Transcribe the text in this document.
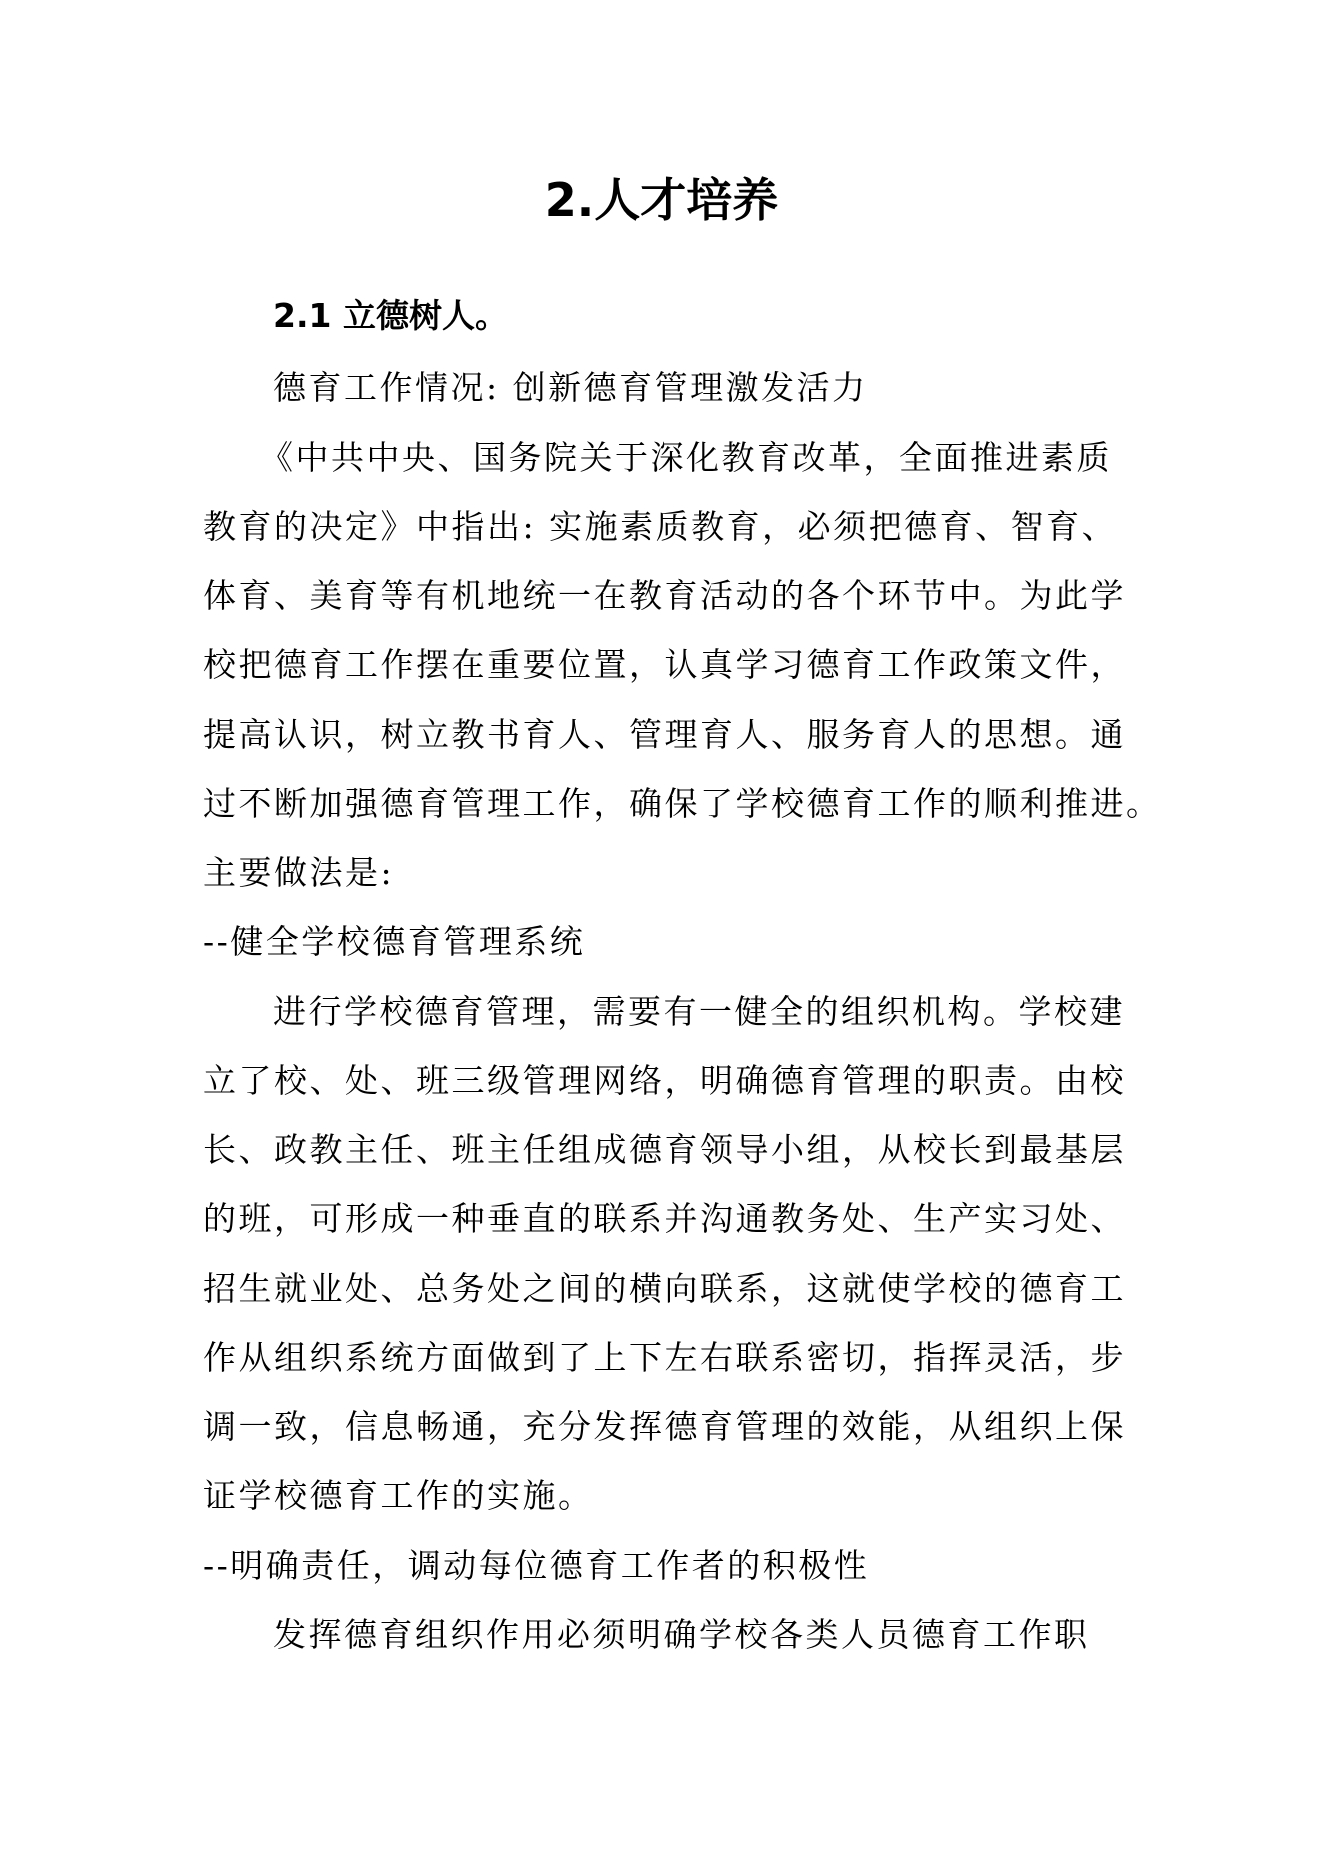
2.人才培养
2.1 立德树人。
德育工作情况: 创新德育管理激发活力
《中共中央、国务院关于深化教育改革，全面推进素质
教育的决定》中指出: 实施素质教育，必须把德育、智育、
体育、美育等有机地统一在教育活动的各个环节中。为此学
校把德育工作摆在重要位置，认真学习德育工作政策文件，
提高认识，树立教书育人、管理育人、服务育人的思想。通
过不断加强德育管理工作，确保了学校德育工作的顺利推进。
主要做法是:
--健全学校德育管理系统
进行学校德育管理，需要有一健全的组织机构。学校建
立了校、处、班三级管理网络，明确德育管理的职责。由校
长、政教主任、班主任组成德育领导小组，从校长到最基层
的班，可形成一种垂直的联系并沟通教务处、生产实习处、
招生就业处、总务处之间的横向联系，这就使学校的德育工
作从组织系统方面做到了上下左右联系密切，指挥灵活，步
调一致，信息畅通，充分发挥德育管理的效能，从组织上保
证学校德育工作的实施。
--明确责任，调动每位德育工作者的积极性
发挥德育组织作用必须明确学校各类人员德育工作职
